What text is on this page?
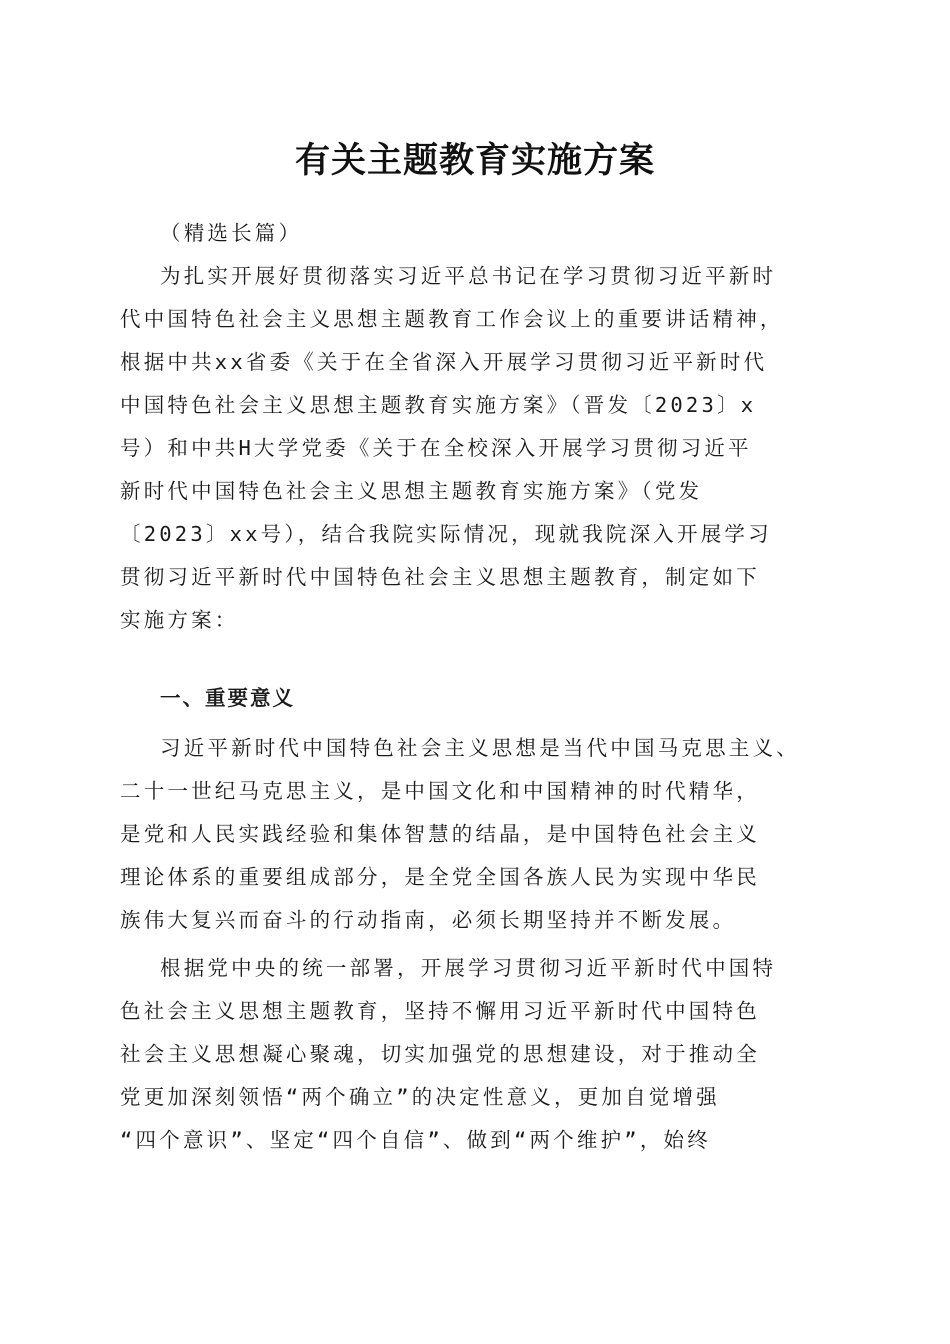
有关主题教育实施方案
（精选长篇）
为扎实开展好贯彻落实习近平总书记在学习贯彻习近平新时
代中国特色社会主义思想主题教育工作会议上的重要讲话精神，
根据中共xx省委《关于在全省深入开展学习贯彻习近平新时代
中国特色社会主义思想主题教育实施方案》（晋发〔2023〕x
号）和中共H大学党委《关于在全校深入开展学习贯彻习近平
新时代中国特色社会主义思想主题教育实施方案》（党发
〔2023〕xx号），结合我院实际情况，现就我院深入开展学习
贯彻习近平新时代中国特色社会主义思想主题教育，制定如下
实施方案：
一、重要意义
习近平新时代中国特色社会主义思想是当代中国马克思主义、
二十一世纪马克思主义，是中国文化和中国精神的时代精华，
是党和人民实践经验和集体智慧的结晶，是中国特色社会主义
理论体系的重要组成部分，是全党全国各族人民为实现中华民
族伟大复兴而奋斗的行动指南，必须长期坚持并不断发展。
根据党中央的统一部署，开展学习贯彻习近平新时代中国特
色社会主义思想主题教育，坚持不懈用习近平新时代中国特色
社会主义思想凝心聚魂，切实加强党的思想建设，对于推动全
党更加深刻领悟“两个确立”的决定性意义，更加自觉增强
“四个意识”、坚定“四个自信”、做到“两个维护”，始终
